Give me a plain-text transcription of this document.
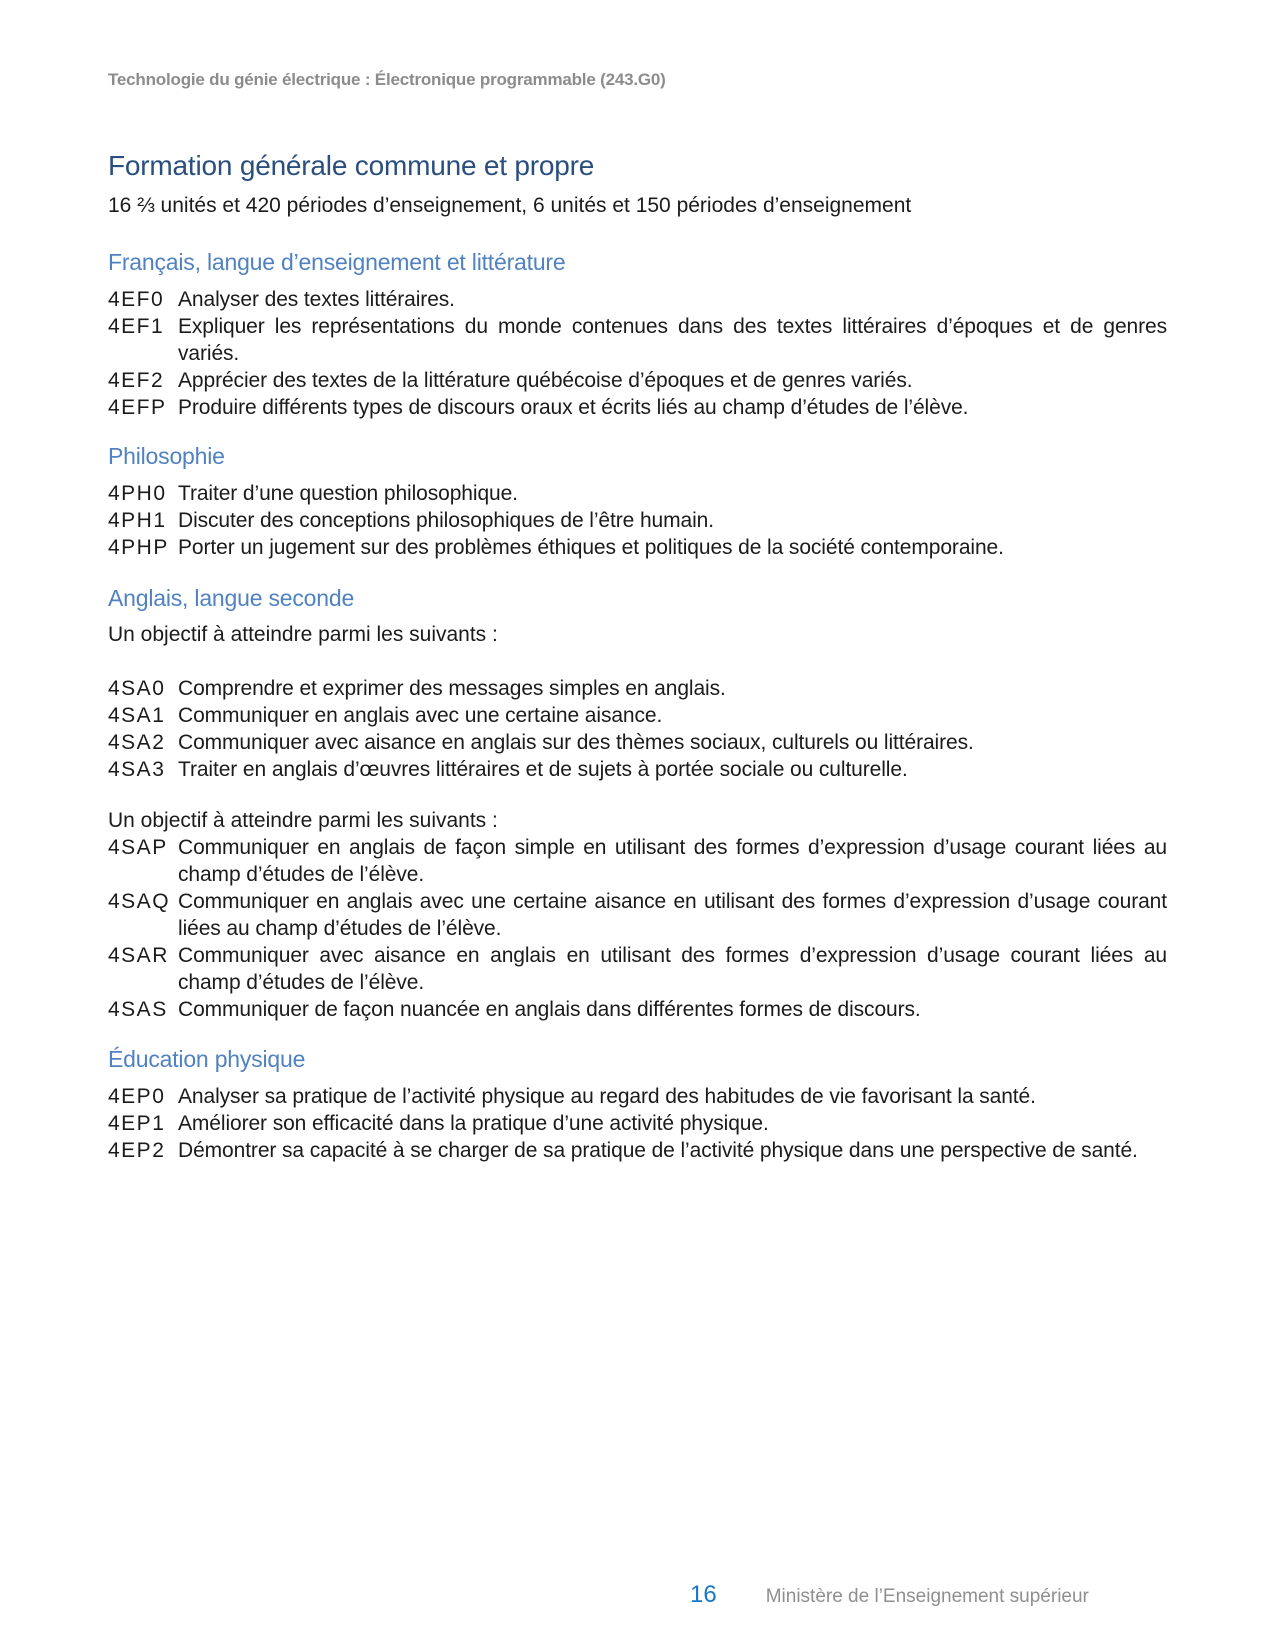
Technologie du génie électrique : Électronique programmable (243.G0)
Formation générale commune et propre

16 ⅔ unités et 420 périodes d’enseignement, 6 unités et 150 périodes d’enseignement

Français, langue d’enseignement et littérature
4EF0 Analyser des textes littéraires.
4EF1 Expliquer les représentations du monde contenues dans des textes littéraires d’époques et de genres variés.
4EF2 Apprécier des textes de la littérature québécoise d’époques et de genres variés.
4EFP Produire différents types de discours oraux et écrits liés au champ d’études de l’élève.
Philosophie
4PH0 Traiter d’une question philosophique.
4PH1 Discuter des conceptions philosophiques de l’être humain.
4PHP Porter un jugement sur des problèmes éthiques et politiques de la société contemporaine.
Anglais, langue seconde

Un objectif à atteindre parmi les suivants :

4SA0 Comprendre et exprimer des messages simples en anglais.
4SA1 Communiquer en anglais avec une certaine aisance.
4SA2 Communiquer avec aisance en anglais sur des thèmes sociaux, culturels ou littéraires.
4SA3 Traiter en anglais d’œuvres littéraires et de sujets à portée sociale ou culturelle.

Un objectif à atteindre parmi les suivants :

4SAP Communiquer en anglais de façon simple en utilisant des formes d’expression d’usage courant liées au champ d’études de l’élève.
4SAQ Communiquer en anglais avec une certaine aisance en utilisant des formes d’expression d’usage courant liées au champ d’études de l’élève.
4SAR Communiquer avec aisance en anglais en utilisant des formes d’expression d’usage courant liées au champ d’études de l’élève.
4SAS Communiquer de façon nuancée en anglais dans différentes formes de discours.
Éducation physique
4EP0 Analyser sa pratique de l’activité physique au regard des habitudes de vie favorisant la santé.
4EP1 Améliorer son efficacité dans la pratique d’une activité physique.
4EP2 Démontrer sa capacité à se charger de sa pratique de l’activité physique dans une perspective de santé.
16	Ministère de l’Enseignement supérieur
